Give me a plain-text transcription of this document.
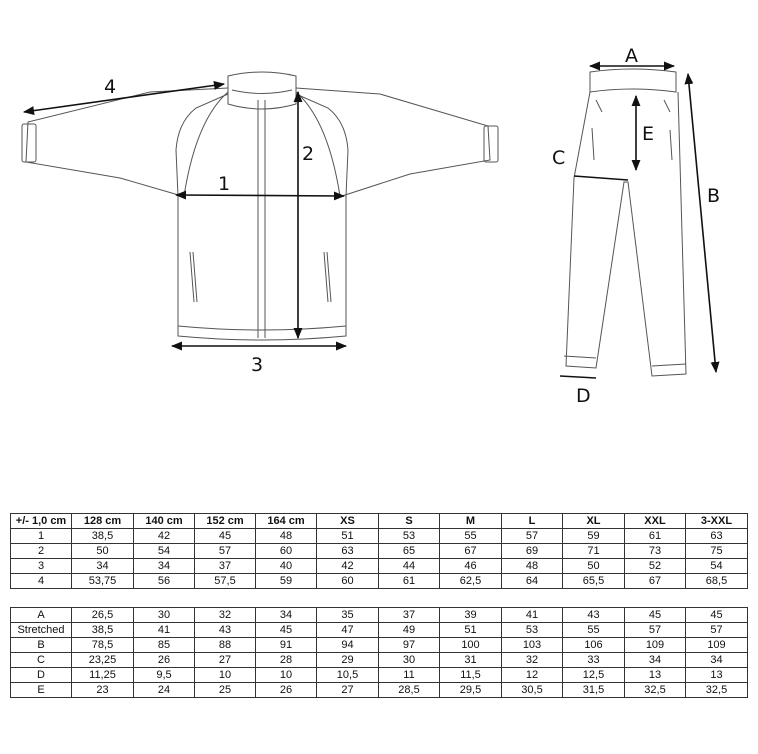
1
2
3
4
A
B
C
D
E
+/- 1,0 cm	128 cm	140 cm	152 cm	164 cm	XS	S	M	L	XL	XXL	3-XXL
1	38,5	42	45	48	51	53	55	57	59	61	63
2	50	54	57	60	63	65	67	69	71	73	75
3	34	34	37	40	42	44	46	48	50	52	54
4	53,75	56	57,5	59	60	61	62,5	64	65,5	67	68,5
A	26,5	30	32	34	35	37	39	41	43	45	45
Stretched	38,5	41	43	45	47	49	51	53	55	57	57
B	78,5	85	88	91	94	97	100	103	106	109	109
C	23,25	26	27	28	29	30	31	32	33	34	34
D	11,25	9,5	10	10	10,5	11	11,5	12	12,5	13	13
E	23	24	25	26	27	28,5	29,5	30,5	31,5	32,5	32,5
